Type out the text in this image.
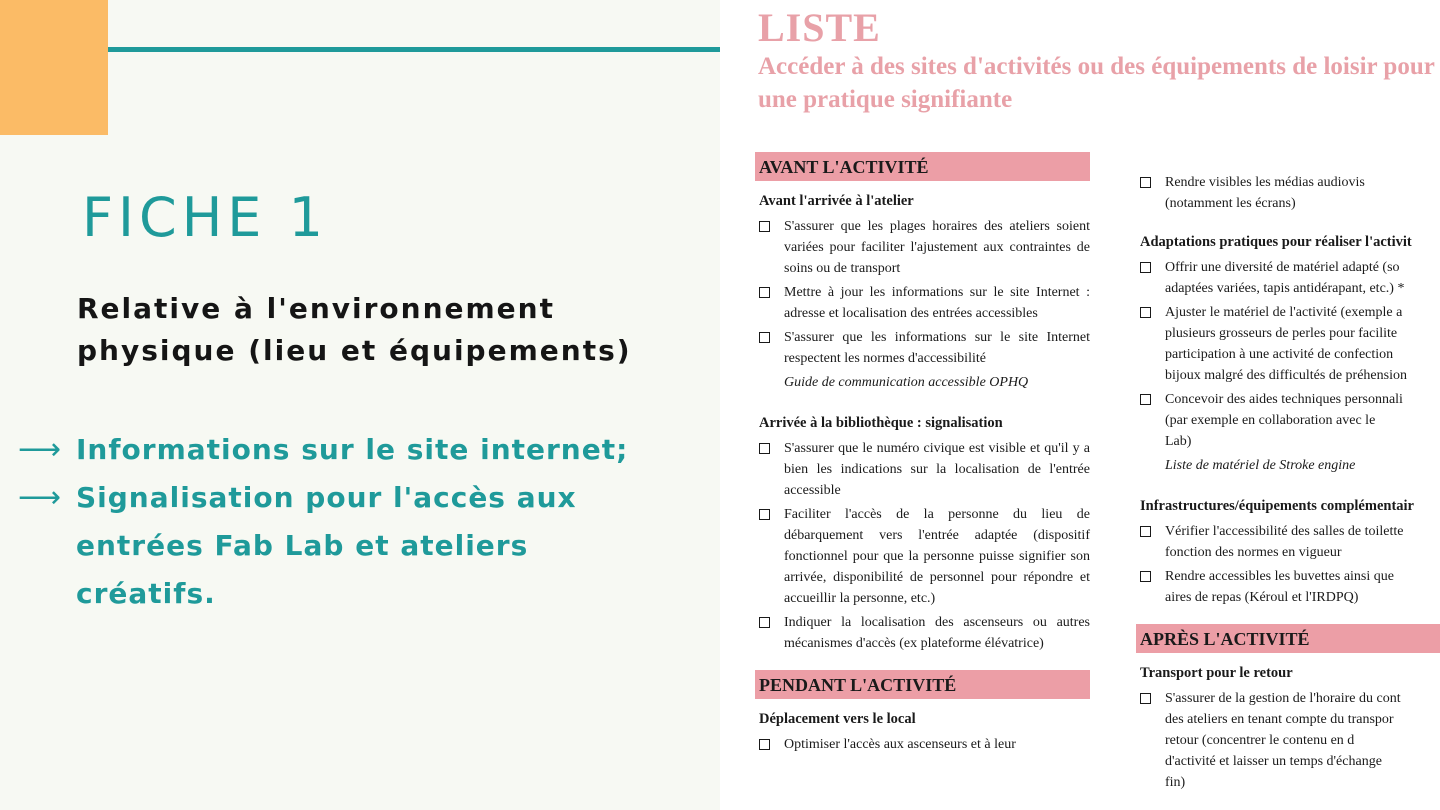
FICHE 1
Relative à l'environnement physique (lieu et équipements)
⟶ Informations sur le site internet;
⟶ Signalisation pour l'accès aux entrées Fab Lab et ateliers créatifs.
LISTE
Accéder à des sites d'activités ou des équipements de loisir pour une pratique signifiante
AVANT L'ACTIVITÉ
Avant l'arrivée à l'atelier
S'assurer que les plages horaires des ateliers soient variées pour faciliter l'ajustement aux contraintes de soins ou de transport
Mettre à jour les informations sur le site Internet : adresse et localisation des entrées accessibles
S'assurer que les informations sur le site Internet respectent les normes d'accessibilité
Guide de communication accessible OPHQ
Arrivée à la bibliothèque : signalisation
S'assurer que le numéro civique est visible et qu'il y a bien les indications sur la localisation de l'entrée accessible
Faciliter l'accès de la personne du lieu de débarquement vers l'entrée adaptée (dispositif fonctionnel pour que la personne puisse signifier son arrivée, disponibilité de personnel pour répondre et accueillir la personne, etc.)
Indiquer la localisation des ascenseurs ou autres mécanismes d'accès (ex plateforme élévatrice)
PENDANT L'ACTIVITÉ
Déplacement vers le local
Optimiser l'accès aux ascenseurs et à leur
Rendre visibles les médias audiovis
(notamment les écrans)
Adaptations pratiques pour réaliser l'activit
Offrir une diversité de matériel adapté (so
adaptées variées, tapis antidérapant, etc.) *
Ajuster le matériel de l'activité (exemple a
plusieurs grosseurs de perles pour facilite
participation à une activité de confection
bijoux malgré des difficultés de préhension
Concevoir des aides techniques personnali
(par exemple en collaboration avec le
Lab)
Liste de matériel de Stroke engine
Infrastructures/équipements complémentair
Vérifier l'accessibilité des salles de toilette
fonction des normes en vigueur
Rendre accessibles les buvettes ainsi que
aires de repas (Kéroul et l'IRDPQ)
APRÈS L'ACTIVITÉ
Transport pour le retour
S'assurer de la gestion de l'horaire du cont
des ateliers en tenant compte du transpor
retour (concentrer le contenu en d
d'activité et laisser un temps d'échange
fin)
